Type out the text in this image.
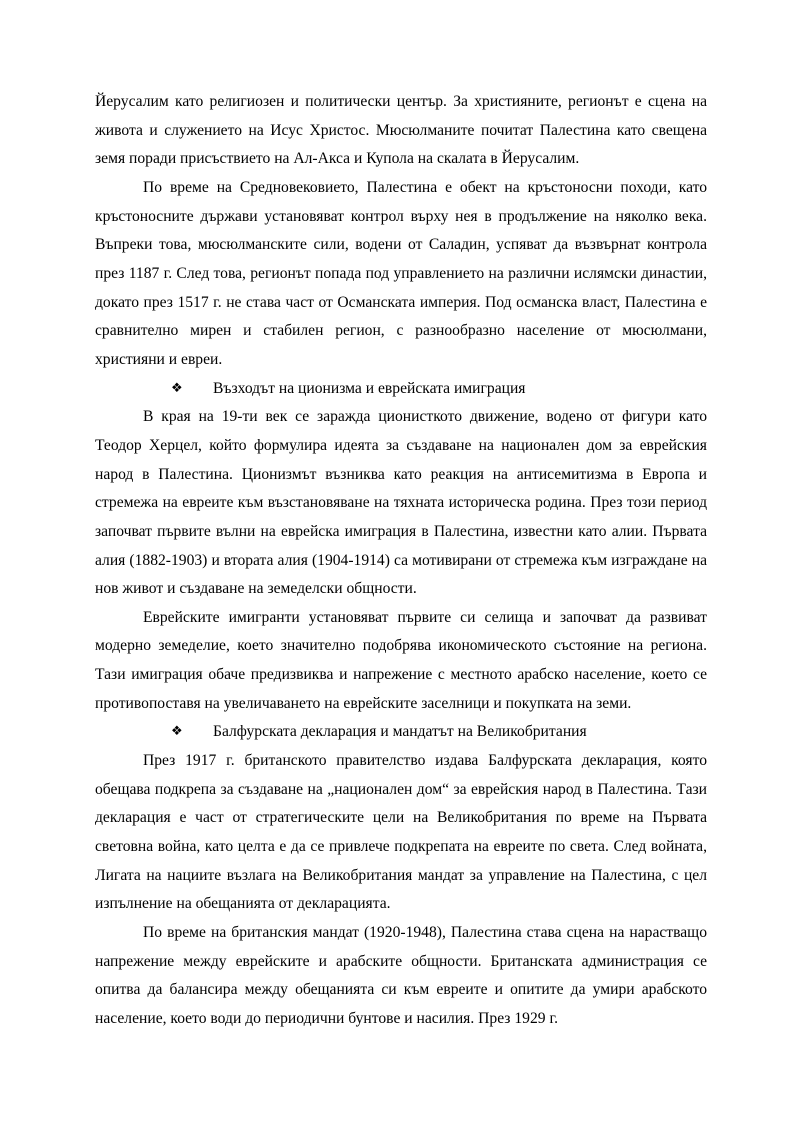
Йерусалим като религиозен и политически център. За християните, регионът е сцена на живота и служението на Исус Христос. Мюсюлманите почитат Палестина като свещена земя поради присъствието на Ал-Акса и Купола на скалата в Йерусалим.

По време на Средновековието, Палестина е обект на кръстоносни походи, като кръстоносните държави установяват контрол върху нея в продължение на няколко века. Въпреки това, мюсюлманските сили, водени от Саладин, успяват да възвърнат контрола през 1187 г. След това, регионът попада под управлението на различни ислямски династии, докато през 1517 г. не става част от Османската империя. Под османска власт, Палестина е сравнително мирен и стабилен регион, с разнообразно население от мюсюлмани, християни и евреи.

❖	Възходът на ционизма и еврейската имиграция

В края на 19-ти век се заражда ционисткото движение, водено от фигури като Теодор Херцел, който формулира идеята за създаване на национален дом за еврейския народ в Палестина. Ционизмът възниква като реакция на антисемитизма в Европа и стремежа на евреите към възстановяване на тяхната историческа родина. През този период започват първите вълни на еврейска имиграция в Палестина, известни като алии. Първата алия (1882-1903) и втората алия (1904-1914) са мотивирани от стремежа към изграждане на нов живот и създаване на земеделски общности.

Еврейските имигранти установяват първите си селища и започват да развиват модерно земеделие, което значително подобрява икономическото състояние на региона. Тази имиграция обаче предизвиква и напрежение с местното арабско население, което се противопоставя на увеличаването на еврейските заселници и покупката на земи.

❖	Балфурската декларация и мандатът на Великобритания

През 1917 г. британското правителство издава Балфурската декларация, която обещава подкрепа за създаване на „национален дом“ за еврейския народ в Палестина. Тази декларация е част от стратегическите цели на Великобритания по време на Първата световна война, като целта е да се привлече подкрепата на евреите по света. След войната, Лигата на нациите възлага на Великобритания мандат за управление на Палестина, с цел изпълнение на обещанията от декларацията.

По време на британския мандат (1920-1948), Палестина става сцена на нарастващо напрежение между еврейските и арабските общности. Британската администрация се опитва да балансира между обещанията си към евреите и опитите да умири арабското население, което води до периодични бунтове и насилия. През 1929 г.
